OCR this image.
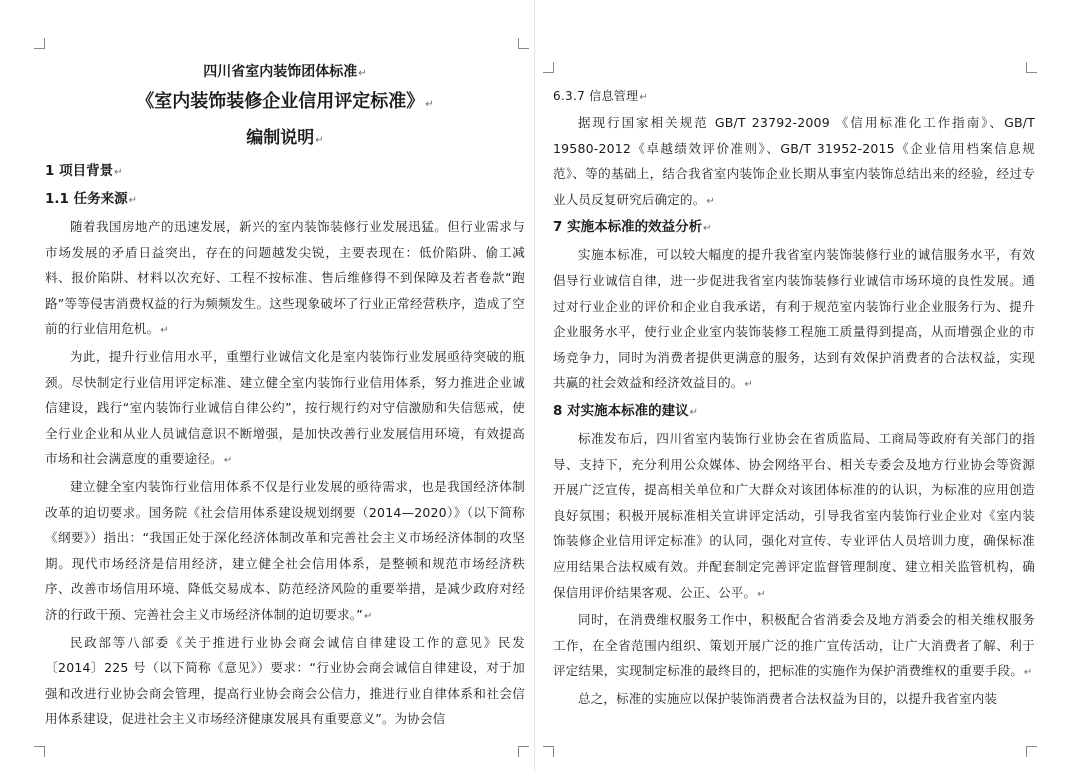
四川省室内装饰团体标准↵
《室内装饰装修企业信用评定标准》↵
编制说明↵
1 项目背景↵
1.1 任务来源↵

随着我国房地产的迅速发展，新兴的室内装饰装修行业发展迅猛。但行业需求与市场发展的矛盾日益突出，存在的问题越发尖锐，主要表现在：低价陷阱、偷工减料、报价陷阱、材料以次充好、工程不按标准、售后维修得不到保障及若者卷款“跑路”等等侵害消费权益的行为频频发生。这些现象破坏了行业正常经营秩序，造成了空前的行业信用危机。↵

为此，提升行业信用水平，重塑行业诚信文化是室内装饰行业发展亟待突破的瓶颈。尽快制定行业信用评定标准、建立健全室内装饰行业信用体系，努力推进企业诚信建设，践行“室内装饰行业诚信自律公约”，按行规行约对守信激励和失信惩戒，使全行业企业和从业人员诚信意识不断增强，是加快改善行业发展信用环境，有效提高市场和社会满意度的重要途径。↵

建立健全室内装饰行业信用体系不仅是行业发展的亟待需求，也是我国经济体制改革的迫切要求。国务院《社会信用体系建设规划纲要（2014—2020）》（以下简称《纲要》）指出：“我国正处于深化经济体制改革和完善社会主义市场经济体制的攻坚期。现代市场经济是信用经济，建立健全社会信用体系，是整顿和规范市场经济秩序、改善市场信用环境、降低交易成本、防范经济风险的重要举措，是减少政府对经济的行政干预、完善社会主义市场经济体制的迫切要求。”↵

民政部等八部委《关于推进行业协会商会诚信自律建设工作的意见》民发〔2014〕225 号（以下简称《意见》）要求：“行业协会商会诚信自律建设，对于加强和改进行业协会商会管理，提高行业协会商会公信力，推进行业自律体系和社会信用体系建设，促进社会主义市场经济健康发展具有重要意义”。为协会信

6.3.7 信息管理↵

据现行国家相关规范 GB/T 23792-2009 《信用标准化工作指南》、GB/T 19580-2012《卓越绩效评价准则》、GB/T 31952-2015《企业信用档案信息规范》、等的基础上，结合我省室内装饰企业长期从事室内装饰总结出来的经验，经过专业人员反复研究后确定的。↵

7 实施本标准的效益分析↵

实施本标准，可以较大幅度的提升我省室内装饰装修行业的诚信服务水平，有效倡导行业诚信自律，进一步促进我省室内装饰装修行业诚信市场环境的良性发展。通过对行业企业的评价和企业自我承诺，有利于规范室内装饰行业企业服务行为、提升企业服务水平，使行业企业室内装饰装修工程施工质量得到提高，从而增强企业的市场竞争力，同时为消费者提供更满意的服务，达到有效保护消费者的合法权益，实现共赢的社会效益和经济效益目的。↵

8 对实施本标准的建议↵

标准发布后，四川省室内装饰行业协会在省质监局、工商局等政府有关部门的指导、支持下，充分利用公众媒体、协会网络平台、相关专委会及地方行业协会等资源开展广泛宣传，提高相关单位和广大群众对该团体标准的的认识，为标准的应用创造良好氛围；积极开展标准相关宣讲评定活动，引导我省室内装饰行业企业对《室内装饰装修企业信用评定标准》的认同，强化对宣传、专业评估人员培训力度，确保标准应用结果合法权威有效。并配套制定完善评定监督管理制度、建立相关监管机构，确保信用评价结果客观、公正、公平。↵

同时，在消费维权服务工作中，积极配合省消委会及地方消委会的相关维权服务工作，在全省范围内组织、策划开展广泛的推广宣传活动，让广大消费者了解、利于评定结果，实现制定标准的最终目的，把标准的实施作为保护消费维权的重要手段。↵

总之，标准的实施应以保护装饰消费者合法权益为目的，以提升我省室内装
